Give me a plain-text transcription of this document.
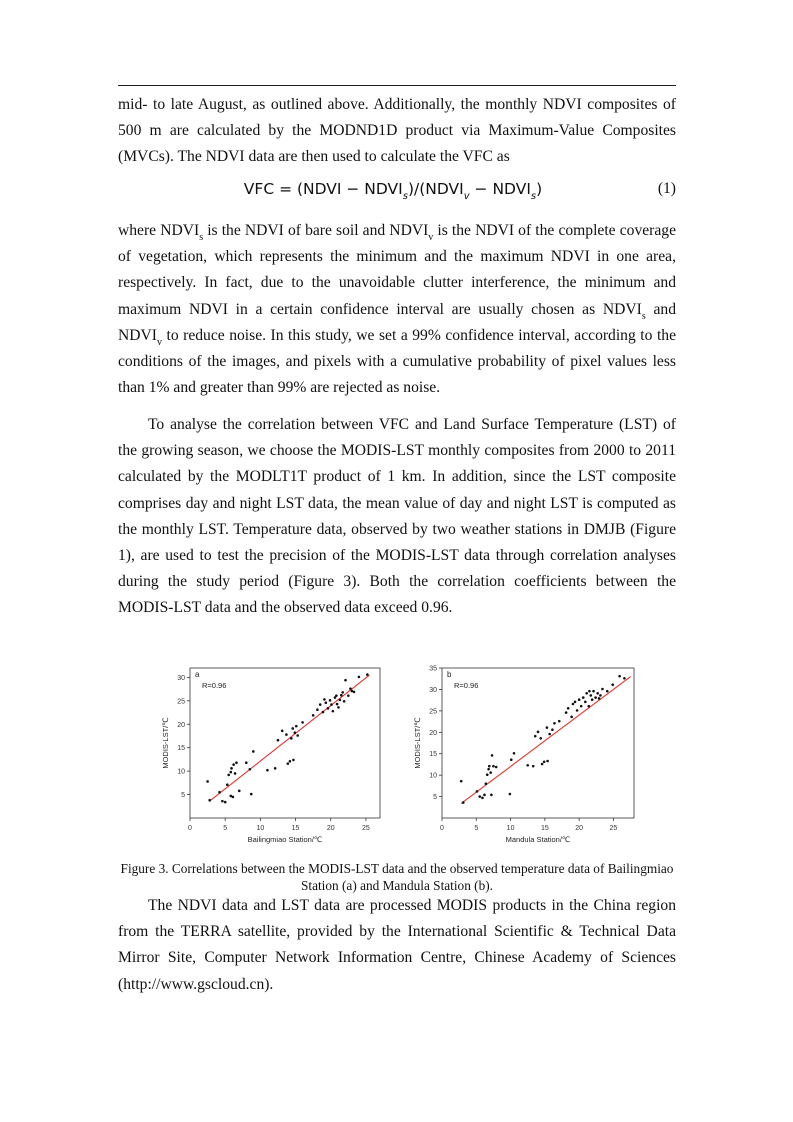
mid- to late August, as outlined above. Additionally, the monthly NDVI composites of 500 m are calculated by the MODND1D product via Maximum-Value Composites (MVCs). The NDVI data are then used to calculate the VFC as

VFC = (NDVI − $NDVI_s)/(NDVI_v$ − $NDVI_s$)	(1)

where $NDVI_s$ is the NDVI of bare soil and $NDVI_v$ is the NDVI of the complete coverage of vegetation, which represents the minimum and the maximum NDVI in one area, respectively. In fact, due to the unavoidable clutter interference, the minimum and maximum NDVI in a certain confidence interval are usually chosen as $NDVI_s$ and $NDVI_v$ to reduce noise. In this study, we set a 99% confidence interval, according to the conditions of the images, and pixels with a cumulative probability of pixel values less than 1% and greater than 99% are rejected as noise.

To analyse the correlation between VFC and Land Surface Temperature (LST) of the growing season, we choose the MODIS-LST monthly composites from 2000 to 2011 calculated by the MODLT1T product of 1 km. In addition, since the LST composite comprises day and night LST data, the mean value of day and night LST is computed as the monthly LST. Temperature data, observed by two weather stations in DMJB (Figure 1), are used to test the precision of the MODIS-LST data through correlation analyses during the study period (Figure 3). Both the correlation coefficients between the MODIS-LST data and the observed data exceed 0.96.

0	5	10	15	20	25
5
10
15
20
25
30
Bailingmiao Station/℃
MODIS-LST/℃
a
R=0.96
0	5	10	15	20	25
5
10
15
20
25
30
35
Mandula Station/℃
MODIS-LST/℃
b
R=0.96

Figure 3. Correlations between the MODIS-LST data and the observed temperature data of Bailingmiao Station (a) and Mandula Station (b).

The NDVI data and LST data are processed MODIS products in the China region from the TERRA satellite, provided by the International Scientific & Technical Data Mirror Site, Computer Network Information Centre, Chinese Academy of Sciences (http://www.gscloud.cn).
